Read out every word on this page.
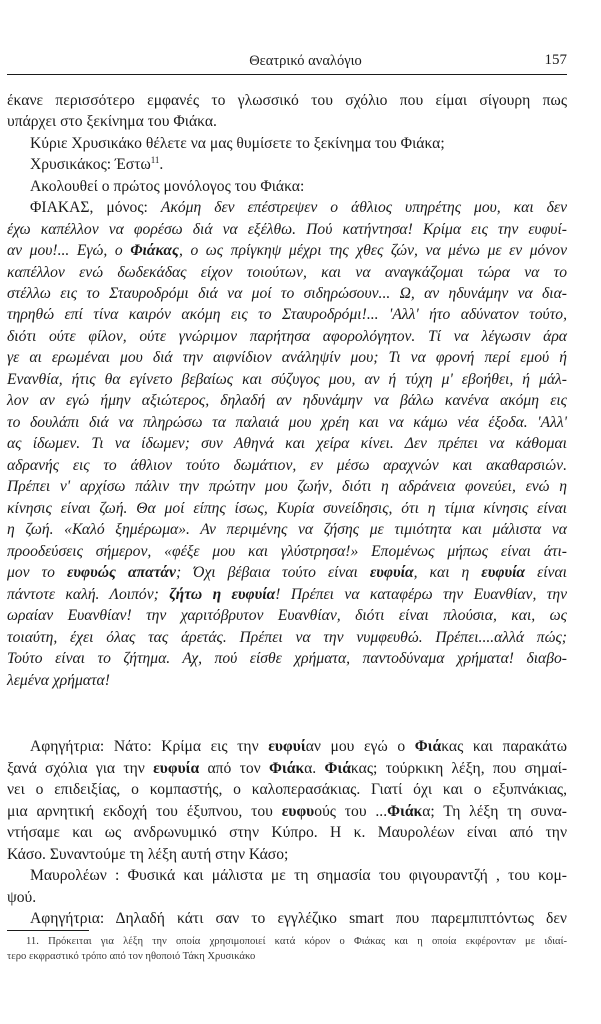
Θεατρικό αναλόγιο	157
έκανε περισσότερο εμφανές το γλωσσικό του σχόλιο που είμαι σίγουρη πως
υπάρχει στο ξεκίνημα του Φιάκα.
Κύριε Χρυσικάκο θέλετε να μας θυμίσετε το ξεκίνημα του Φιάκα;
Χρυσικάκος: Έστω$^{11}$.
Ακολουθεί ο πρώτος μονόλογος του Φιάκα:
ΦΙΑΚΑΣ, μόνος: Ακόμη δεν επέστρεψεν ο άθλιος υπηρέτης μου, και δεν
έχω καπέλλον να φορέσω διά να εξέλθω. Πού κατήντησα! Κρίμα εις την ευφυί-
αν μου!... Εγώ, ο Φιάκας, ο ως πρίγκηψ μέχρι της χθες ζών, να μένω με εν μόνον
καπέλλον ενώ δωδεκάδας είχον τοιούτων, και να αναγκάζομαι τώρα να το
στέλλω εις το Σταυροδρόμι διά να μοί το σιδηρώσουν... Ω, αν ηδυνάμην να δια-
τηρηθώ επί τίνα καιρόν ακόμη εις το Σταυροδρόμι!... 'Αλλ' ήτο αδύνατον τούτο,
διότι ούτε φίλον, ούτε γνώριμον παρήτησα αφορολόγητον. Τί να λέγωσιν άρα
γε αι ερωμέναι μου διά την αιφνίδιον ανάληψίν μου; Τι να φρονή περί εμού ή
Εvανθία, ήτις θα εγίνετο βεβαίως και σύζυγος μου, αν ή τύχη μ' εβοήθει, ή μάλ-
λον αν εγώ ήμην αξιώτερος, δηλαδή αν ηδυνάμην να βάλω κανένα ακόμη εις
το δουλάπι διά να πληρώσω τα παλαιά μου χρέη και να κάμω νέα έξοδα. 'Αλλ'
ας ίδωμεν. Τι να ίδωμεν; συν Αθηνά και χείρα κίνει. Δεν πρέπει να κάθομαι
αδρανής εις το άθλιον τούτο δωμάτιον, εν μέσω αραχνών και ακαθαρσιών.
Πρέπει ν' αρχίσω πάλιν την πρώτην μου ζωήν, διότι η αδράνεια φονεύει, ενώ η
κίνησις είναι ζωή. Θα μοί είπης ίσως, Κυρία συνείδησις, ότι η τίμια κίνησις είναι
η ζωή. «Καλό ξημέρωμα». Αν περιμένης να ζήσης με τιμιότητα και μάλιστα να
προοδεύσεις σήμερον, «φέξε μου και γλύστρησα!» Επομένως μήπως είναι άτι-
μον το ευφυώς απατάν; Όχι βέβαια τούτο είναι ευφυία, και η ευφυία είναι
πάντοτε καλή. Λοιπόν; ζήτω η ευφυία! Πρέπει να καταφέρω την Ευανθίαν, την
ωραίαν Ευανθίαν! την χαριτόβρυτον Ευανθίαν, διότι είναι πλούσια, και, ως
τοιαύτη, έχει όλας τας άρετάς. Πρέπει να την νυμφευθώ. Πρέπει....αλλά πώς;
Τούτο είναι το ζήτημα. Αχ, πού είσθε χρήματα, παντοδύναμα χρήματα! διαβο-
λεμένα χρήματα!
Αφηγήτρια: Νάτο: Κρίμα εις την ευφυίαν μου εγώ ο Φιάκας και παρακάτω
ξανά σχόλια για την ευφυία από τον Φιάκα. Φιάκας; τούρκικη λέξη, που σημαί-
νει ο επιδειξίας, ο κομπαστής, ο καλοπερασάκιας. Γιατί όχι και ο εξυπνάκιας,
μια αρνητική εκδοχή του έξυπνου, του ευφυούς του ...Φιάκα; Τη λέξη τη συνα-
ντήσαμε και ως ανδρωνυμικό στην Κύπρο. Η κ. Μαυρολέων είναι από την
Κάσο. Συναντούμε τη λέξη αυτή στην Κάσο;
Μαυρολέων : Φυσικά και μάλιστα με τη σημασία του φιγουραντζή , του κομ-
ψού.
Αφηγήτρια: Δηλαδή κάτι σαν το εγγλέζικο smart που παρεμπιπτόντως δεν
11. Πρόκειται για λέξη την οποία χρησιμοποιεί κατά κόρον ο Φιάκας και η οποία εκφέρονταν με ιδιαί-
τερο εκφραστικό τρόπο από τον ηθοποιό Τάκη Χρυσικάκο
